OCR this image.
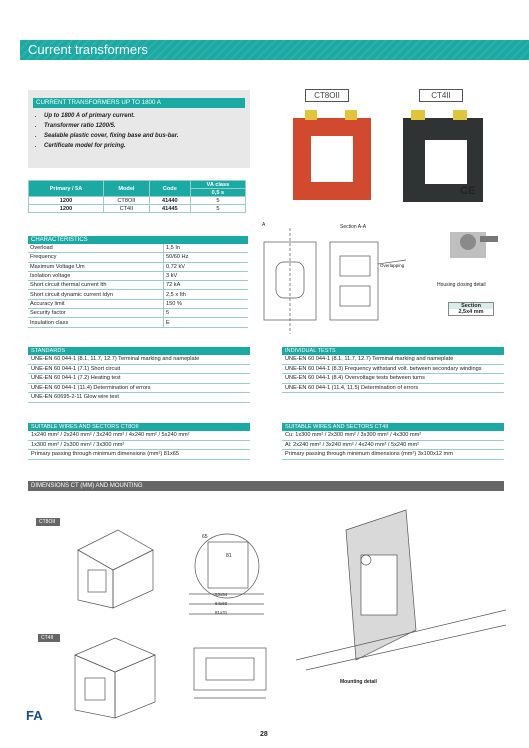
Current transformers
CURRENT TRANSFORMERS UP TO 1800 A
• Up to 1800 A of primary current.
• Transformer ratio 1200/5.
• Sealable plastic cover, fixing base and bus-bar.
• Certificate model for pricing.
CT8OII	CT4II
CE
Primary / 5A	Model	Code	VA class
			0,5 s
1200	CT8OII	41440	5
1200	CT4II	41445	5
CHARACTERISTICS
Overload	1,5 In
Frequency	50/60 Hz
Maximum Voltage Um	0,72 kV
Isolation voltage	3 kV
Short circuit thermal current Ith	72 kA
Short circuit dynamic current Idyn	2,5 x Ith
Accuracy limit	150 %
Security factor	5
Insulation class	E
A	Section A-A
Overlapping
Housing closing detail
Section
2,5x4 mm
STANDARDS
UNE-EN 60 044-1 (8.1, 11.7, 12.7) Terminal marking and nameplate
UNE-EN 60 044-1 (7.1) Short circuit
UNE-EN 60 044-1 (7.2) Heating test
UNE-EN 60 044-1 (11.4) Determination of errors
UNE-EN 60695-2-11 Glow wire test
INDIVIDUAL TESTS
UNE-EN 60 044-1 (8.1, 11.7, 12.7) Terminal marking and nameplate
UNE-EN 60 044-1 (8.3) Frequency withstand volt. between secondary windings
UNE-EN 60 044-1 (8.4) Overvoltage tests between turns
UNE-EN 60 044-1 (11.4, 11.5) Determination of errors
SUITABLE WIRES AND SECTORS CT8OII
1x240 mm² / 2x240 mm² / 3x240 mm² / 4x240 mm² / 5x240 mm²
1x300 mm² / 2x300 mm² / 3x300 mm²
Primary passing through minimum dimensions (mm²) 81x65
SUITABLE WIRES AND SECTORS CT4II
Cu: 1x300 mm² / 2x300 mm² / 3x300 mm² / 4x300 mm²
Al: 2x240 mm² / 3x240 mm² / 4x240 mm² / 5x240 mm²
Primary passing through minimum dimensions (mm²) 3x100x12 mm
DIMENSIONS CT (MM) AND MOUNTING
CT8OII
65
81
53x54
64x60
81x31
CT4II
Mounting detail
FA
28
